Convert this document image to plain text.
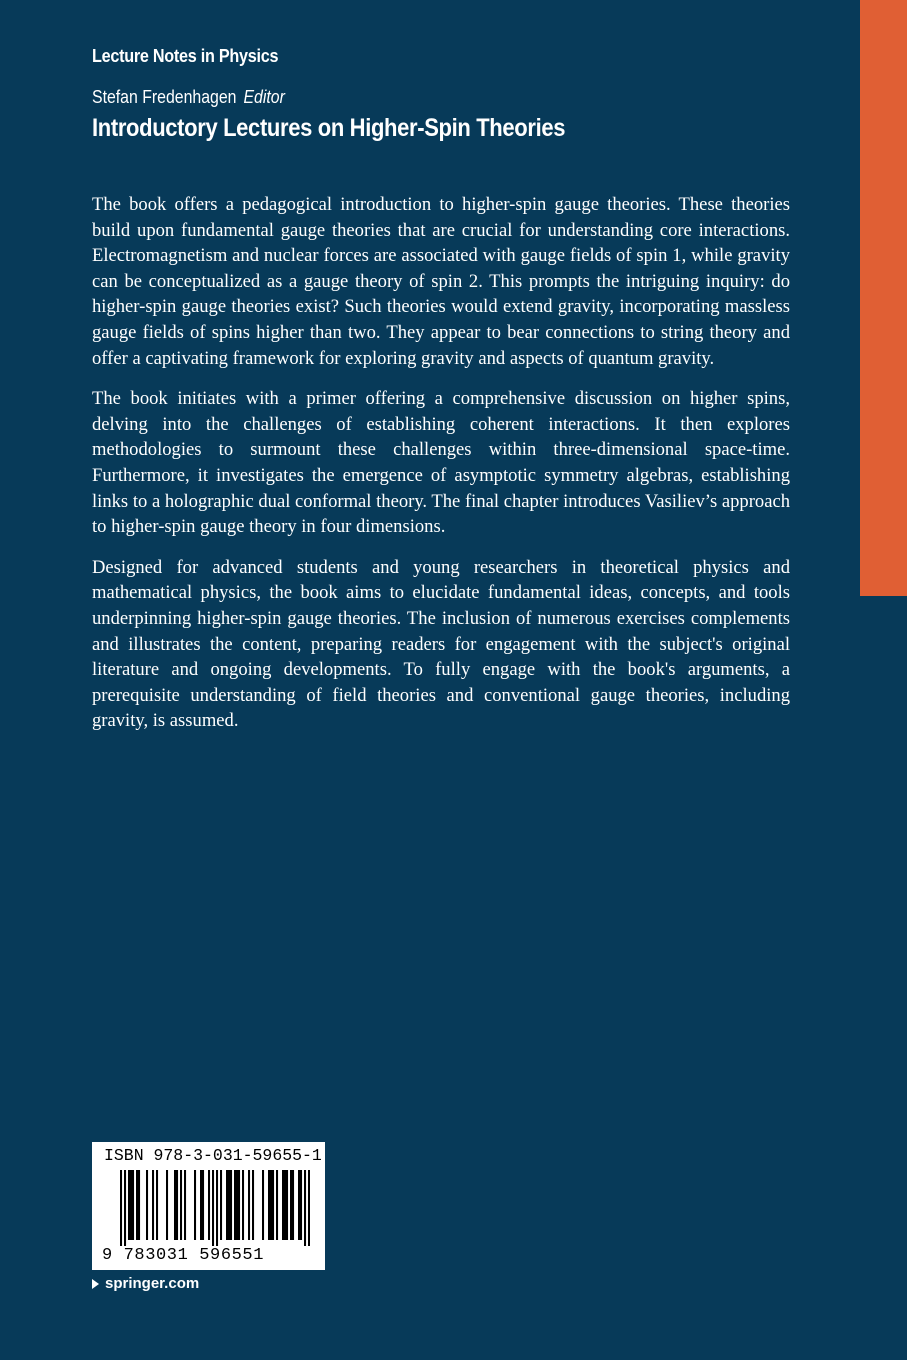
Lecture Notes in Physics
Stefan Fredenhagen Editor
Introductory Lectures on Higher-Spin Theories

The book offers a pedagogical introduction to higher-spin gauge theories. These theories build upon fundamental gauge theories that are crucial for understanding core interactions. Electromagnetism and nuclear forces are associated with gauge fields of spin 1, while gravity can be conceptualized as a gauge theory of spin 2. This prompts the intriguing inquiry: do higher-spin gauge theories exist? Such theories would extend gravity, incorporating massless gauge fields of spins higher than two. They appear to bear connections to string theory and offer a captivating framework for exploring gravity and aspects of quantum gravity.

The book initiates with a primer offering a comprehensive discussion on higher spins, delving into the challenges of establishing coherent interactions. It then explores methodologies to surmount these challenges within three-dimensional space-time. Furthermore, it investigates the emergence of asymptotic symmetry algebras, establishing links to a holographic dual conformal theory. The final chapter introduces Vasiliev’s approach to higher-spin gauge theory in four dimensions.

Designed for advanced students and young researchers in theoretical physics and mathematical physics, the book aims to elucidate fundamental ideas, concepts, and tools underpinning higher-spin gauge theories. The inclusion of numerous exercises complements and illustrates the content, preparing readers for engagement with the subject's original literature and ongoing developments. To fully engage with the book's arguments, a prerequisite understanding of field theories and conventional gauge theories, including gravity, is assumed.

ISBN 978-3-031-59655-1
9 783031 596551
springer.com
